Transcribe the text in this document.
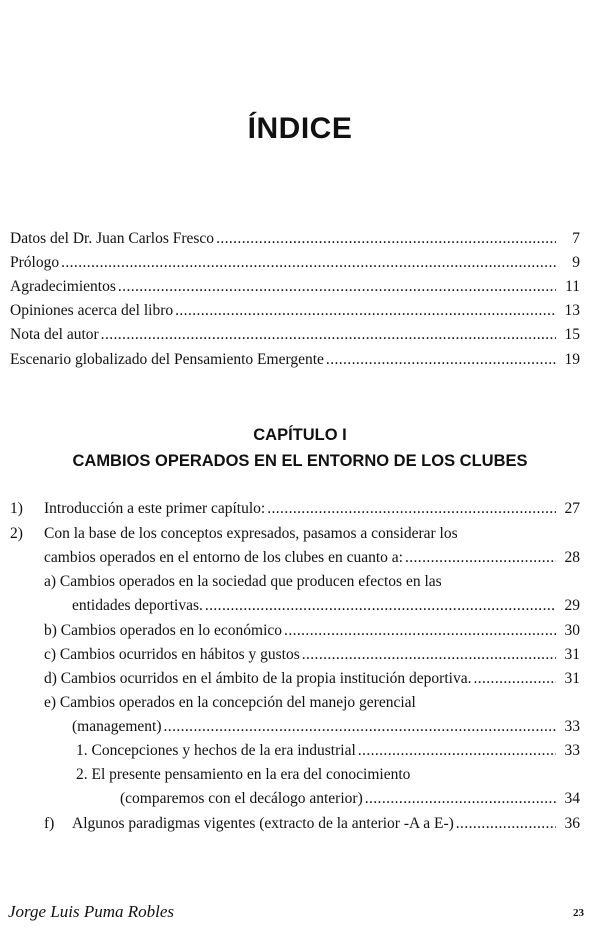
ÍNDICE
Datos del Dr. Juan Carlos Fresco .....	7
Prólogo .....	9
Agradecimientos .....	11
Opiniones acerca del libro .....	13
Nota del autor .....	15
Escenario globalizado del Pensamiento Emergente .....	19
CAPÍTULO I
CAMBIOS OPERADOS EN EL ENTORNO DE LOS CLUBES
1) Introducción a este primer capítulo: .....	27
2) Con la base de los conceptos expresados, pasamos a considerar los
cambios operados en el entorno de los clubes en cuanto a: .....	28
a) Cambios operados en la sociedad que producen efectos en las
entidades deportivas. .....	29
b) Cambios operados en lo económico .....	30
c) Cambios ocurridos en hábitos y gustos .....	31
d) Cambios ocurridos en el ámbito de la propia institución deportiva. .....	31
e) Cambios operados en la concepción del manejo gerencial
(management) .....	33
1. Concepciones y hechos de la era industrial .....	33
2. El presente pensamiento en la era del conocimiento
(comparemos con el decálogo anterior) .....	34
f) Algunos paradigmas vigentes (extracto de la anterior -A a E-) .....	36
Jorge Luis Puma Robles	23
